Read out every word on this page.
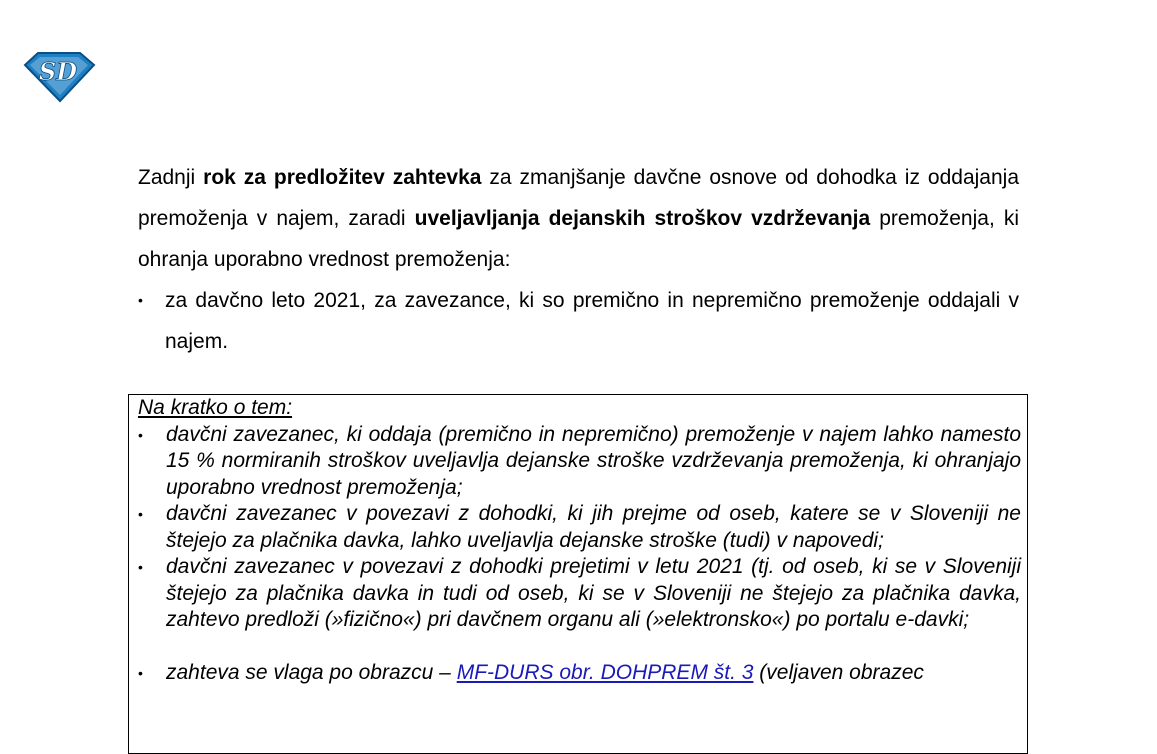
SD

Zadnji rok za predložitev zahtevka za zmanjšanje davčne osnove od dohodka iz oddajanja premoženja v najem, zaradi uveljavljanja dejanskih stroškov vzdrževanja premoženja, ki ohranja uporabno vrednost premoženja:

• za davčno leto 2021, za zavezance, ki so premično in nepremično premoženje oddajali v najem.

Na kratko o tem:

• davčni zavezanec, ki oddaja (premično in nepremično) premoženje v najem lahko namesto 15 % normiranih stroškov uveljavlja dejanske stroške vzdrževanja premoženja, ki ohranjajo uporabno vrednost premoženja;
• davčni zavezanec v povezavi z dohodki, ki jih prejme od oseb, katere se v Sloveniji ne štejejo za plačnika davka, lahko uveljavlja dejanske stroške (tudi) v napovedi;
• davčni zavezanec v povezavi z dohodki prejetimi v letu 2021 (tj. od oseb, ki se v Sloveniji štejejo za plačnika davka in tudi od oseb, ki se v Sloveniji ne štejejo za plačnika davka, zahtevo predloži (»fizično«) pri davčnem organu ali (»elektronsko«) po portalu e-davki;
• zahteva se vlaga po obrazcu – MF-DURS obr. DOHPREM št. 3 (veljaven obrazec
